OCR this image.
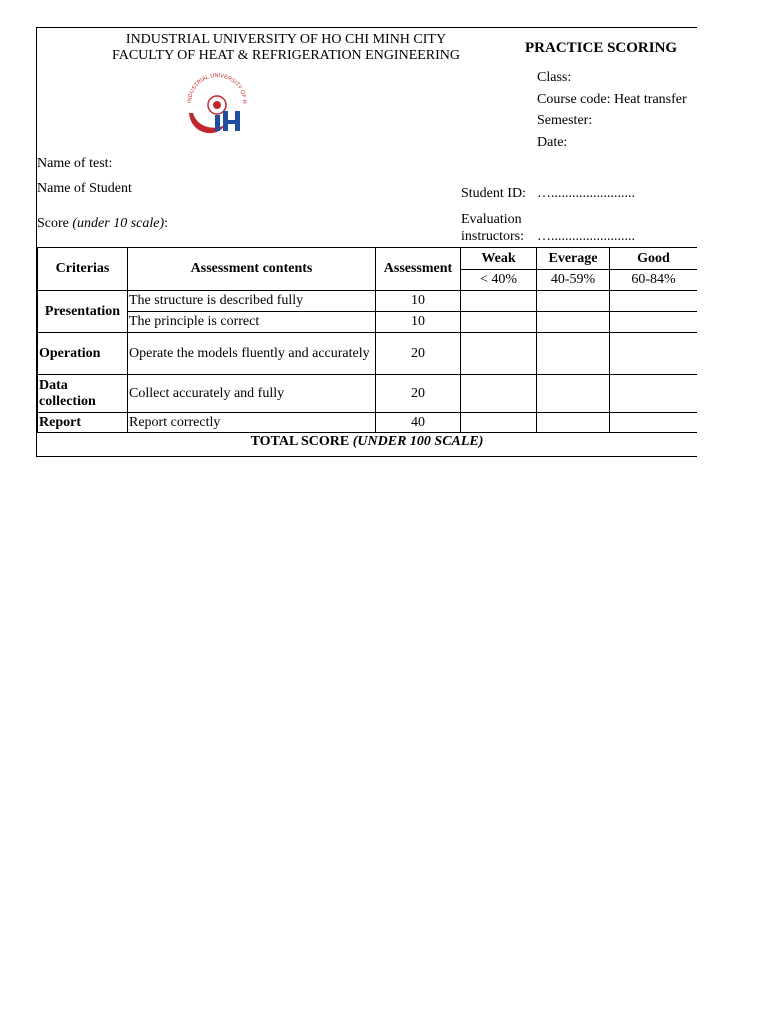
INDUSTRIAL UNIVERSITY OF HO CHI MINH CITY
FACULTY OF HEAT & REFRIGERATION ENGINEERING
INDUSTRIAL UNIVERSITY OF H
PRACTICE SCORING
Class:
Course code: Heat transfer
Semester:
Date:
Name of test:
Name of Student
Score (under 10 scale):
Student ID: …........................
Evaluation
instructors: …........................
Criterias	Assessment contents	Assessment	Weak	Everage	Good
			< 40%	40-59%	60-84%
Presentation	The structure is described fully	10			
	The principle is correct	10			
Operation	Operate the models fluently and accurately	20			
Data collection	Collect accurately and fully	20			
Report	Report correctly	40			
TOTAL SCORE (UNDER 100 SCALE)
